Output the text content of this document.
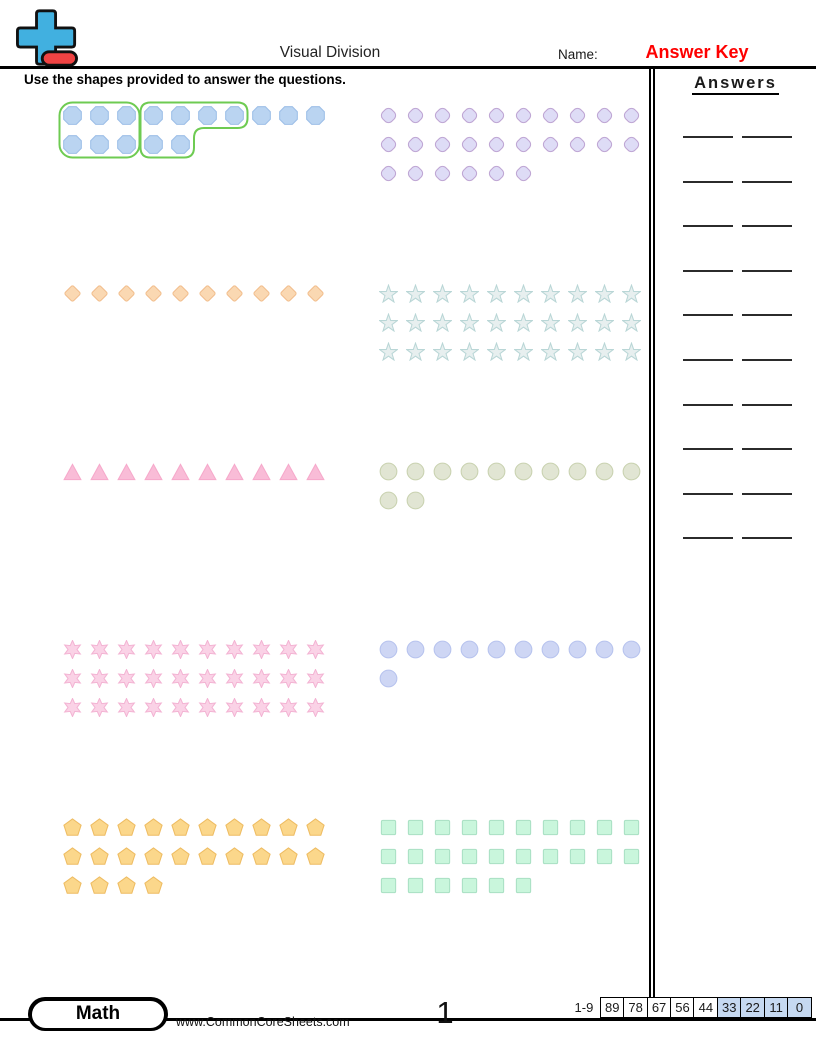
Visual Division	Name:	Answer Key
Use the shapes provided to answer the questions.	Answers
Math	www.CommonCoreSheets.com	1	1-9 89 78 67 56 44 33 22 11	0
